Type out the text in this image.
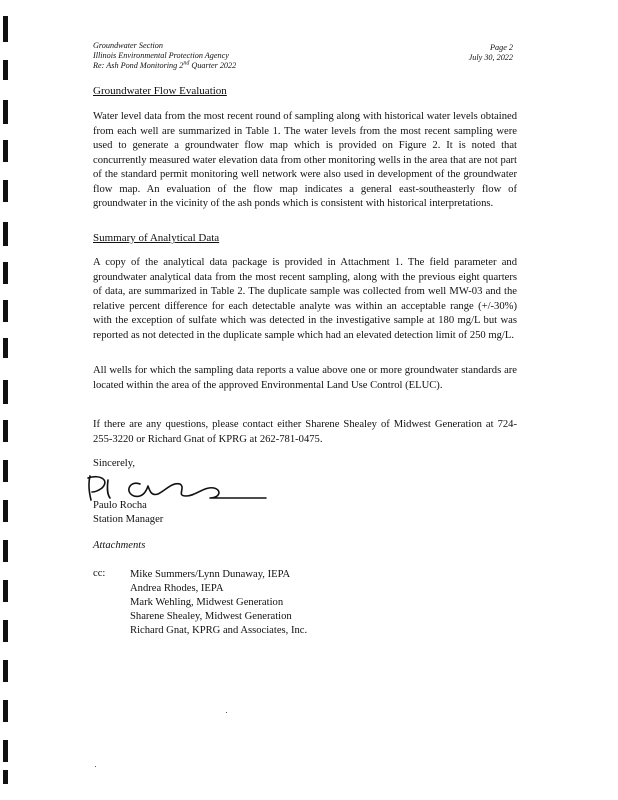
Groundwater Section
Illinois Environmental Protection Agency
Re: Ash Pond Monitoring 2nd Quarter 2022
Page 2
July 30, 2022
Groundwater Flow Evaluation

Water level data from the most recent round of sampling along with historical water levels obtained from each well are summarized in Table 1. The water levels from the most recent sampling were used to generate a groundwater flow map which is provided on Figure 2. It is noted that concurrently measured water elevation data from other monitoring wells in the area that are not part of the standard permit monitoring well network were also used in development of the groundwater flow map. An evaluation of the flow map indicates a general east-southeasterly flow of groundwater in the vicinity of the ash ponds which is consistent with historical interpretations.

Summary of Analytical Data

A copy of the analytical data package is provided in Attachment 1. The field parameter and groundwater analytical data from the most recent sampling, along with the previous eight quarters of data, are summarized in Table 2. The duplicate sample was collected from well MW-03 and the relative percent difference for each detectable analyte was within an acceptable range (+/-30%) with the exception of sulfate which was detected in the investigative sample at 180 mg/L but was reported as not detected in the duplicate sample which had an elevated detection limit of 250 mg/L.

All wells for which the sampling data reports a value above one or more groundwater standards are located within the area of the approved Environmental Land Use Control (ELUC).

If there are any questions, please contact either Sharene Shealey of Midwest Generation at 724-255-3220 or Richard Gnat of KPRG at 262-781-0475.

Sincerely,
Paulo Rocha
Station Manager
Attachments
cc: Mike Summers/Lynn Dunaway, IEPA
Andrea Rhodes, IEPA
Mark Wehling, Midwest Generation
Sharene Shealey, Midwest Generation
Richard Gnat, KPRG and Associates, Inc.
